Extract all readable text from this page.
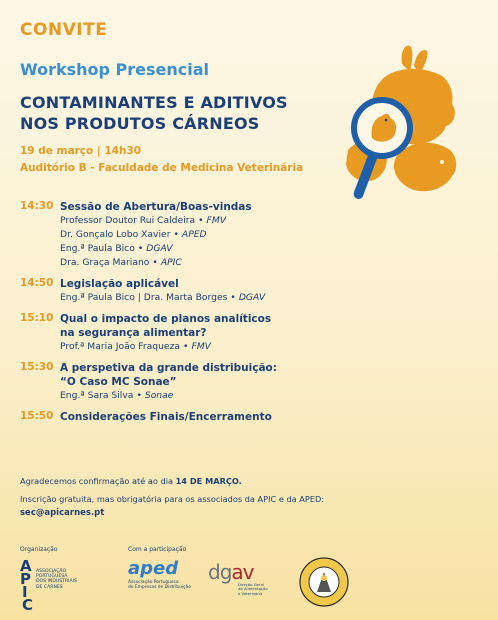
CONVITE
Workshop Presencial
CONTAMINANTES E ADITIVOS
NOS PRODUTOS CÁRNEOS
19 de março | 14h30
Auditório B - Faculdade de Medicina Veterinária
14:30 Sessão de Abertura/Boas-vindas
Professor Doutor Rui Caldeira • FMV
Dr. Gonçalo Lobo Xavier • APED
Eng.ª Paula Bico • DGAV
Dra. Graça Mariano • APIC
14:50 Legislação aplicável
Eng.ª Paula Bico | Dra. Marta Borges • DGAV
15:10 Qual o impacto de planos analíticos
na segurança alimentar?
Prof.ª Maria João Fraqueza • FMV
15:30 A perspetiva da grande distribuição:
“O Caso MC Sonae”
Eng.ª Sara Silva • Sonae
15:50 Considerações Finais/Encerramento
Agradecemos confirmação até ao dia 14 DE MARÇO.
Inscrição gratuita, mas obrigatória para os associados da APIC e da APED:
sec@apicarnes.pt
Organização	Com a participação
AP
IC
ASSOCIAÇÃO
PORTUGUESA
DOS INDUSTRIAIS
DE CARNES
aped
Associação Portuguesa
de Empresas de Distribuição
dgav
Direção Geral
de Alimentação
e Veterinária
